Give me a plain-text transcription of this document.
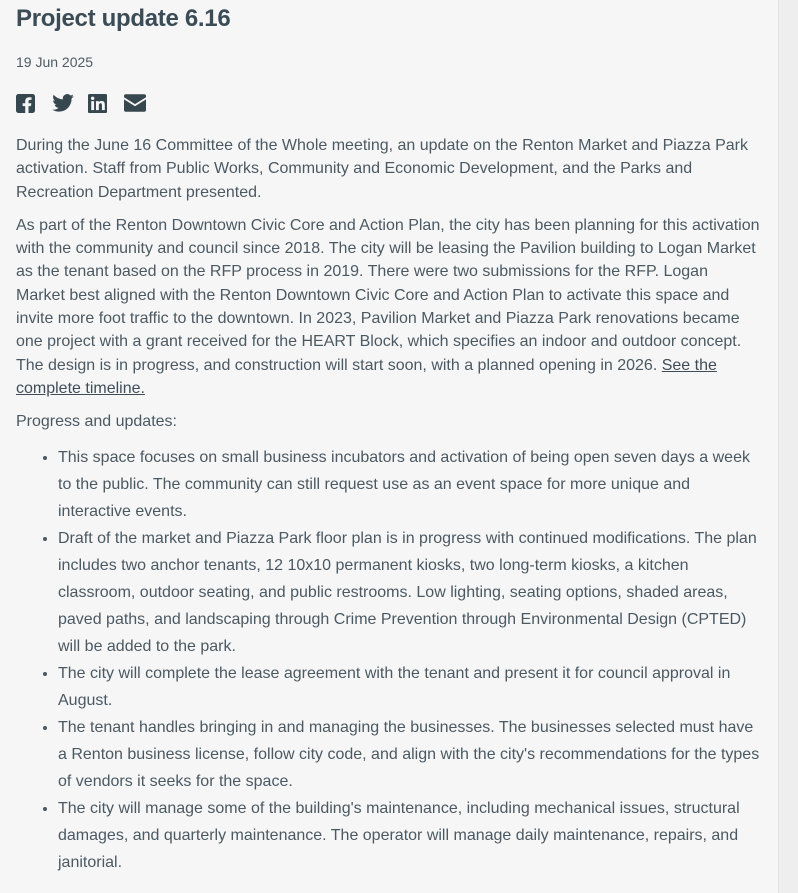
Project update 6.16
19 Jun 2025

During the June 16 Committee of the Whole meeting, an update on the Renton Market and Piazza Park activation. Staff from Public Works, Community and Economic Development, and the Parks and Recreation Department presented.

As part of the Renton Downtown Civic Core and Action Plan, the city has been planning for this activation with the community and council since 2018. The city will be leasing the Pavilion building to Logan Market as the tenant based on the RFP process in 2019. There were two submissions for the RFP. Logan Market best aligned with the Renton Downtown Civic Core and Action Plan to activate this space and invite more foot traffic to the downtown. In 2023, Pavilion Market and Piazza Park renovations became one project with a grant received for the HEART Block, which specifies an indoor and outdoor concept. The design is in progress, and construction will start soon, with a planned opening in 2026. See the complete timeline.

Progress and updates:

• This space focuses on small business incubators and activation of being open seven days a week to the public. The community can still request use as an event space for more unique and interactive events.
• Draft of the market and Piazza Park floor plan is in progress with continued modifications. The plan includes two anchor tenants, 12 10x10 permanent kiosks, two long-term kiosks, a kitchen classroom, outdoor seating, and public restrooms. Low lighting, seating options, shaded areas, paved paths, and landscaping through Crime Prevention through Environmental Design (CPTED) will be added to the park.
• The city will complete the lease agreement with the tenant and present it for council approval in August.
• The tenant handles bringing in and managing the businesses. The businesses selected must have a Renton business license, follow city code, and align with the city's recommendations for the types of vendors it seeks for the space.
• The city will manage some of the building's maintenance, including mechanical issues, structural damages, and quarterly maintenance. The operator will manage daily maintenance, repairs, and janitorial.
